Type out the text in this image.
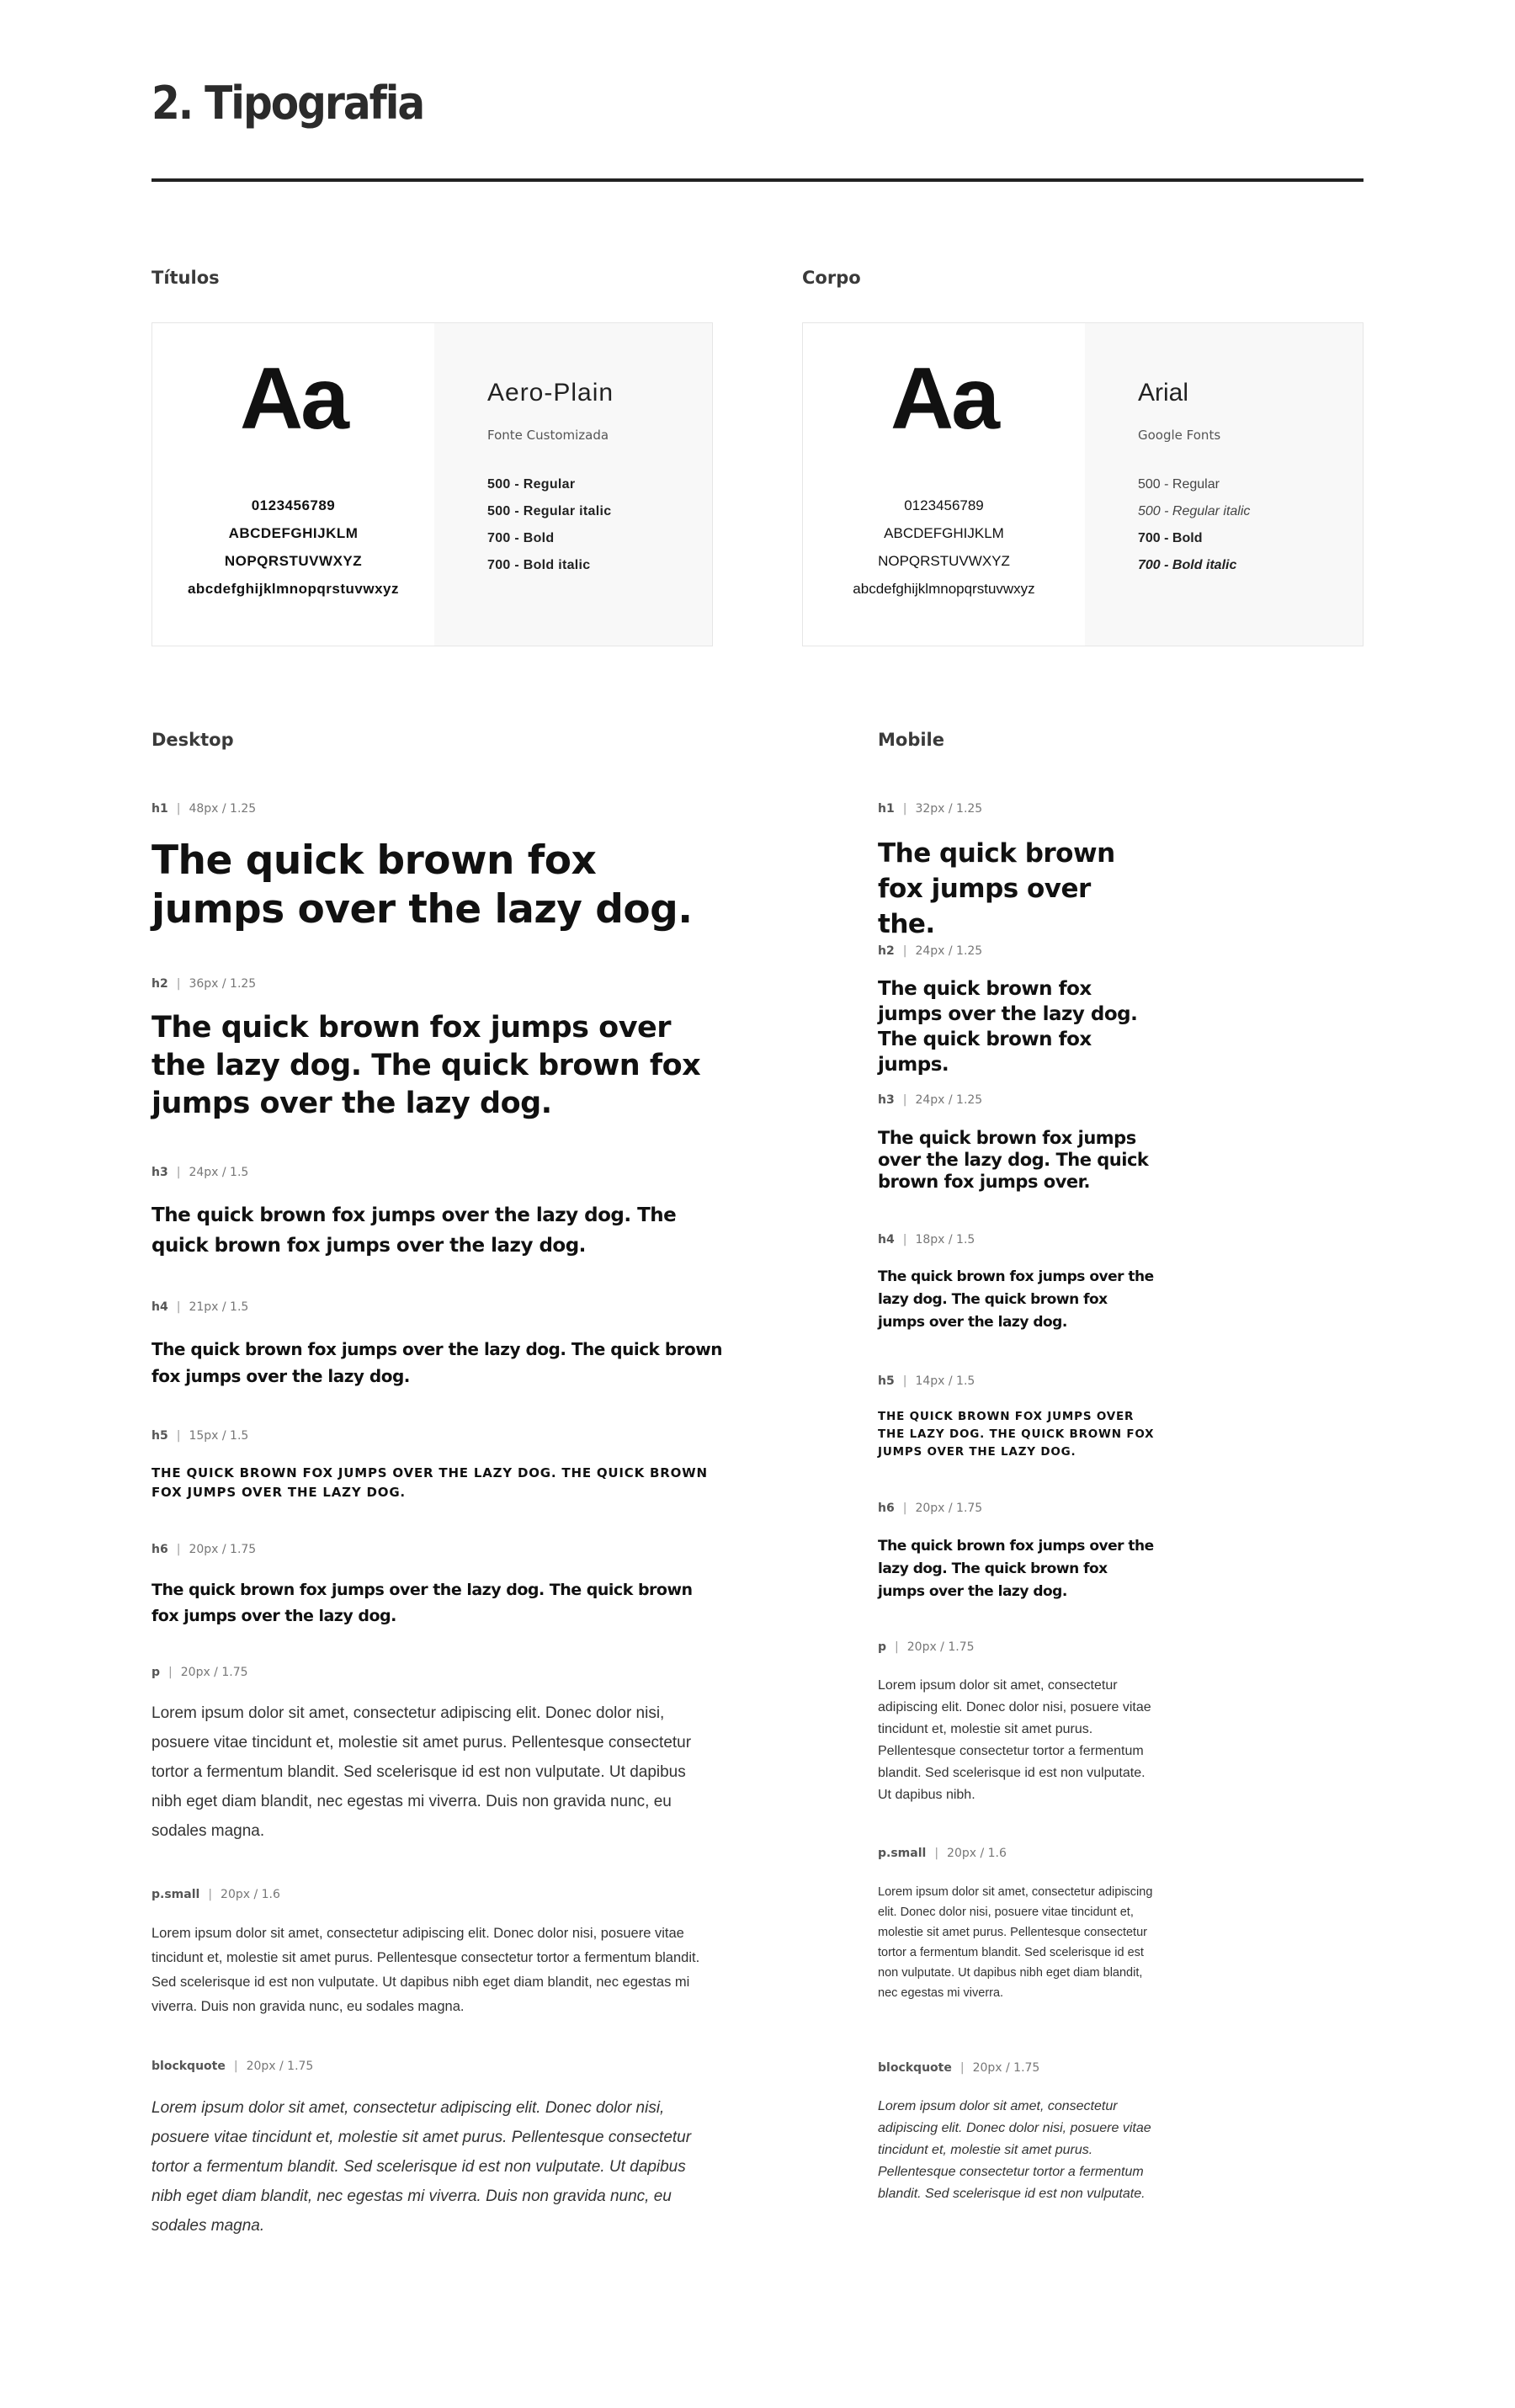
2. Tipografia
Títulos	Corpo
Aa
0123456789
ABCDEFGHIJKLM
NOPQRSTUVWXYZ
abcdefghijklmnopqrstuvwxyz
Aero-Plain
Fonte Customizada
500 - Regular
500 - Regular italic
700 - Bold
700 - Bold italic
Aa
0123456789
ABCDEFGHIJKLM
NOPQRSTUVWXYZ
abcdefghijklmnopqrstuvwxyz
Arial
Google Fonts
500 - Regular
500 - Regular italic
700 - Bold
700 - Bold italic
Desktop
h1 | 48px / 1.25
The quick brown fox jumps over the lazy dog.
h2 | 36px / 1.25
The quick brown fox jumps over the lazy dog. The quick brown fox jumps over the lazy dog.
h3 | 24px / 1.5
The quick brown fox jumps over the lazy dog. The quick brown fox jumps over the lazy dog.
h4 | 21px / 1.5
The quick brown fox jumps over the lazy dog. The quick brown fox jumps over the lazy dog.
h5 | 15px / 1.5
THE QUICK BROWN FOX JUMPS OVER THE LAZY DOG. THE QUICK BROWN FOX JUMPS OVER THE LAZY DOG.
h6 | 20px / 1.75
The quick brown fox jumps over the lazy dog. The quick brown fox jumps over the lazy dog.
p | 20px / 1.75
Lorem ipsum dolor sit amet, consectetur adipiscing elit. Donec dolor nisi, posuere vitae tincidunt et, molestie sit amet purus. Pellentesque consectetur tortor a fermentum blandit. Sed scelerisque id est non vulputate. Ut dapibus nibh eget diam blandit, nec egestas mi viverra. Duis non gravida nunc, eu sodales magna.
p.small | 20px / 1.6
Lorem ipsum dolor sit amet, consectetur adipiscing elit. Donec dolor nisi, posuere vitae tincidunt et, molestie sit amet purus. Pellentesque consectetur tortor a fermentum blandit. Sed scelerisque id est non vulputate. Ut dapibus nibh eget diam blandit, nec egestas mi viverra. Duis non gravida nunc, eu sodales magna.
blockquote | 20px / 1.75
Lorem ipsum dolor sit amet, consectetur adipiscing elit. Donec dolor nisi, posuere vitae tincidunt et, molestie sit amet purus. Pellentesque consectetur tortor a fermentum blandit. Sed scelerisque id est non vulputate. Ut dapibus nibh eget diam blandit, nec egestas mi viverra. Duis non gravida nunc, eu sodales magna.
Mobile
h1 | 32px / 1.25
The quick brown fox jumps over the.
h2 | 24px / 1.25
The quick brown fox jumps over the lazy dog. The quick brown fox jumps.
h3 | 24px / 1.25
The quick brown fox jumps over the lazy dog. The quick brown fox jumps over.
h4 | 18px / 1.5
The quick brown fox jumps over the lazy dog. The quick brown fox jumps over the lazy dog.
h5 | 14px / 1.5
THE QUICK BROWN FOX JUMPS OVER THE LAZY DOG. THE QUICK BROWN FOX JUMPS OVER THE LAZY DOG.
h6 | 20px / 1.75
The quick brown fox jumps over the lazy dog. The quick brown fox jumps over the lazy dog.
p | 20px / 1.75
Lorem ipsum dolor sit amet, consectetur adipiscing elit. Donec dolor nisi, posuere vitae tincidunt et, molestie sit amet purus. Pellentesque consectetur tortor a fermentum blandit. Sed scelerisque id est non vulputate. Ut dapibus nibh.
p.small | 20px / 1.6
Lorem ipsum dolor sit amet, consectetur adipiscing elit. Donec dolor nisi, posuere vitae tincidunt et, molestie sit amet purus. Pellentesque consectetur tortor a fermentum blandit. Sed scelerisque id est non vulputate. Ut dapibus nibh eget diam blandit, nec egestas mi viverra.
blockquote | 20px / 1.75
Lorem ipsum dolor sit amet, consectetur adipiscing elit. Donec dolor nisi, posuere vitae tincidunt et, molestie sit amet purus. Pellentesque consectetur tortor a fermentum blandit. Sed scelerisque id est non vulputate.
